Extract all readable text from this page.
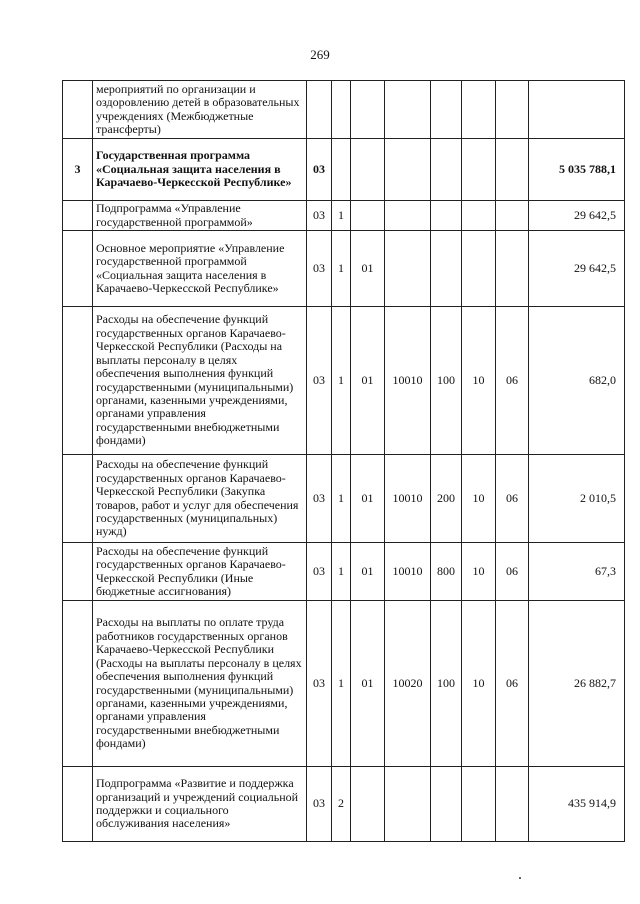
269
	мероприятий по организации и оздоровлению детей в образовательных учреждениях (Межбюджетные трансферты)								
3	Государственная программа «Социальная защита населения в Карачаево-Черкесской Республике»	03							5 035 788,1
	Подпрограмма «Управление государственной программой»	03	1						29 642,5
	Основное мероприятие «Управление государственной программой «Социальная защита населения в Карачаево-Черкесской Республике»	03	1	01					29 642,5
	Расходы на обеспечение функций государственных органов Карачаево-Черкесской Республики (Расходы на выплаты персоналу в целях обеспечения выполнения функций государственными (муниципальными) органами, казенными учреждениями, органами управления государственными внебюджетными фондами)	03	1	01	10010	100	10	06	682,0
	Расходы на обеспечение функций государственных органов Карачаево-Черкесской Республики (Закупка товаров, работ и услуг для обеспечения государственных (муниципальных) нужд)	03	1	01	10010	200	10	06	2 010,5
	Расходы на обеспечение функций государственных органов Карачаево-Черкесской Республики (Иные бюджетные ассигнования)	03	1	01	10010	800	10	06	67,3
	Расходы на выплаты по оплате труда работников государственных органов Карачаево-Черкесской Республики (Расходы на выплаты персоналу в целях обеспечения выполнения функций государственными (муниципальными) органами, казенными учреждениями, органами управления государственными внебюджетными фондами)	03	1	01	10020	100	10	06	26 882,7
	Подпрограмма «Развитие и поддержка организаций и учреждений социальной поддержки и социального обслуживания населения»	03	2						435 914,9
